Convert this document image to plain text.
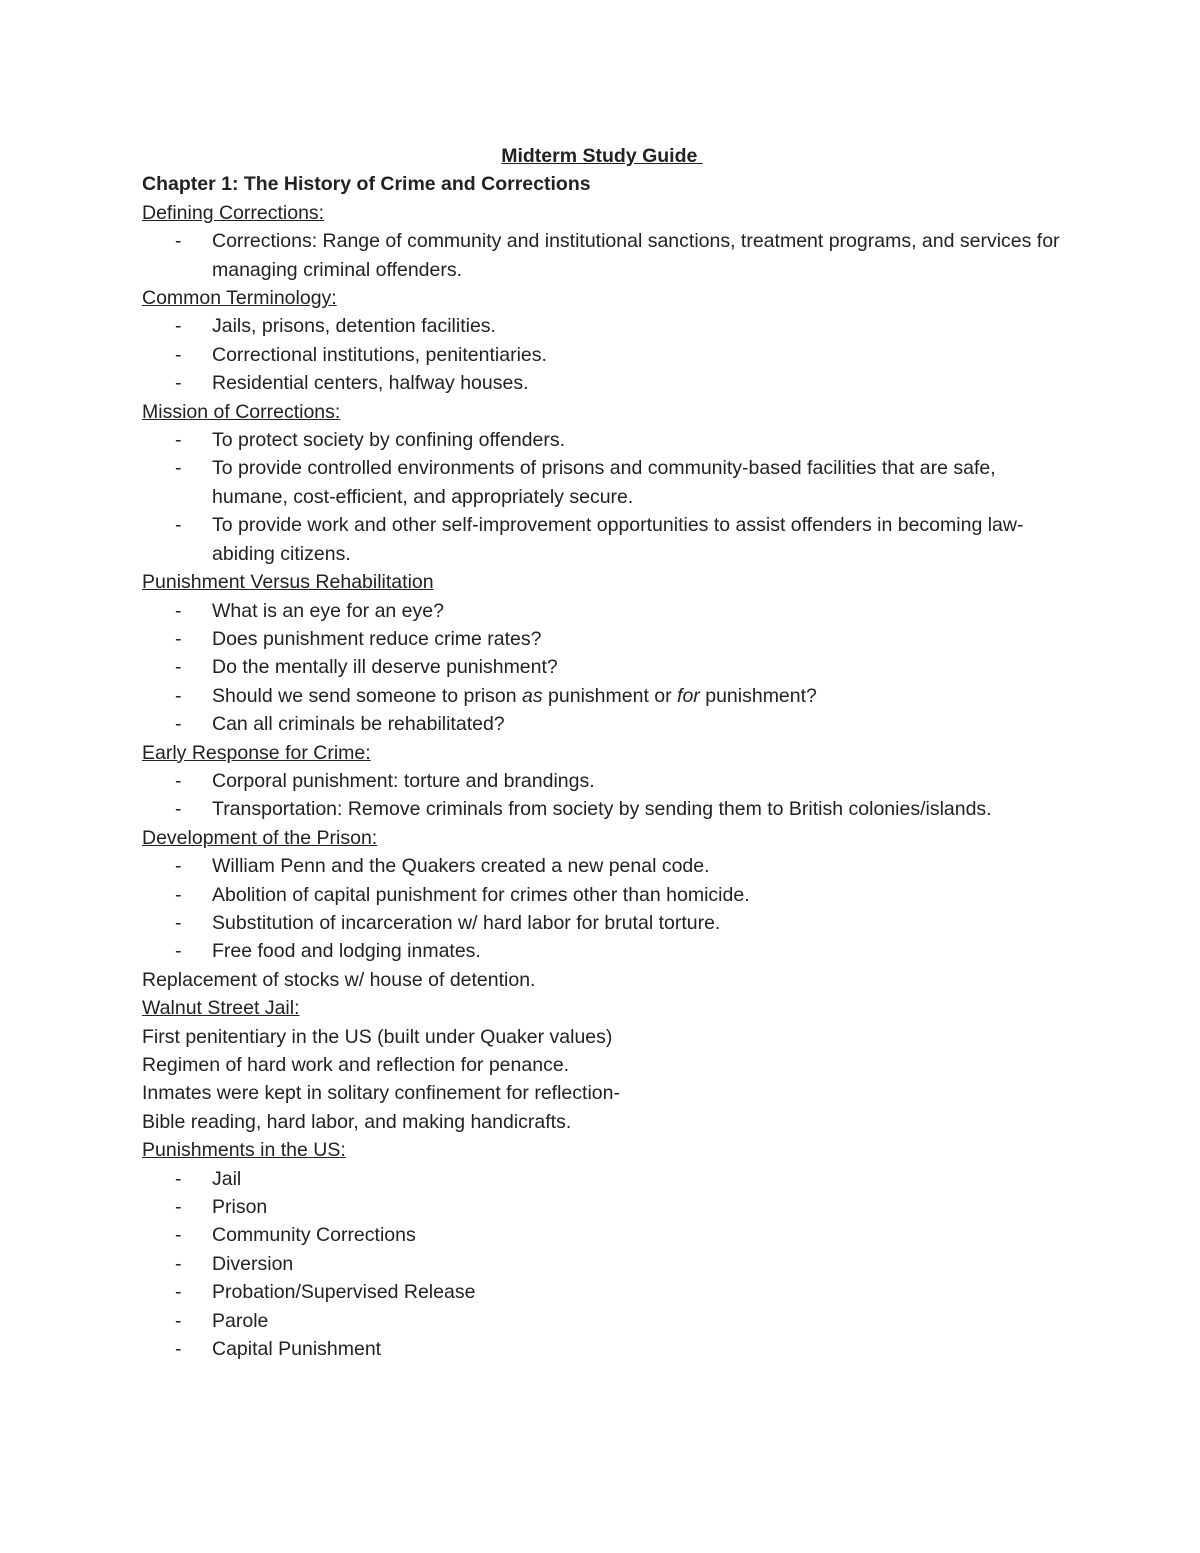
Midterm Study Guide
Chapter 1: The History of Crime and Corrections
Defining Corrections:
- Corrections: Range of community and institutional sanctions, treatment programs, and services for managing criminal offenders.
Common Terminology:
- Jails, prisons, detention facilities.
- Correctional institutions, penitentiaries.
- Residential centers, halfway houses.
Mission of Corrections:
- To protect society by confining offenders.
- To provide controlled environments of prisons and community-based facilities that are safe, humane, cost-efficient, and appropriately secure.
- To provide work and other self-improvement opportunities to assist offenders in becoming law-abiding citizens.
Punishment Versus Rehabilitation
- What is an eye for an eye?
- Does punishment reduce crime rates?
- Do the mentally ill deserve punishment?
- Should we send someone to prison as punishment or for punishment?
- Can all criminals be rehabilitated?
Early Response for Crime:
- Corporal punishment: torture and brandings.
- Transportation: Remove criminals from society by sending them to British colonies/islands.
Development of the Prison:
- William Penn and the Quakers created a new penal code.
- Abolition of capital punishment for crimes other than homicide.
- Substitution of incarceration w/ hard labor for brutal torture.
- Free food and lodging inmates.

Replacement of stocks w/ house of detention.

Walnut Street Jail:

First penitentiary in the US (built under Quaker values)

Regimen of hard work and reflection for penance.

Inmates were kept in solitary confinement for reflection-

Bible reading, hard labor, and making handicrafts.

Punishments in the US:
- Jail
- Prison
- Community Corrections
- Diversion
- Probation/Supervised Release
- Parole
- Capital Punishment
